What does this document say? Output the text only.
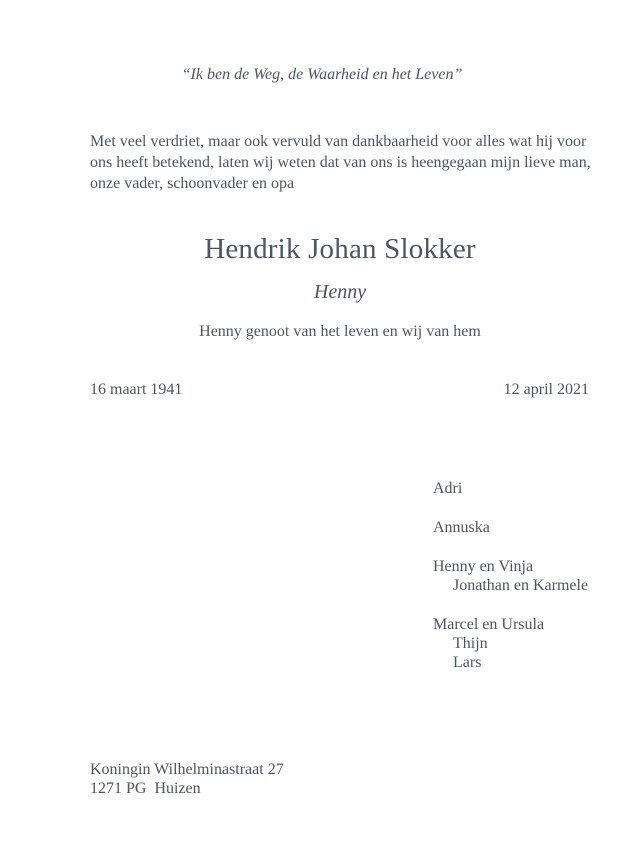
“Ik ben de Weg, de Waarheid en het Leven”
Met veel verdriet, maar ook vervuld van dankbaarheid voor alles wat hij voor
ons heeft betekend, laten wij weten dat van ons is heengegaan mijn lieve man,
onze vader, schoonvader en opa
Hendrik Johan Slokker
Henny
Henny genoot van het leven en wij van hem
16 maart 1941	12 april 2021
Adri
Annuska
Henny en Vinja
Jonathan en Karmele
Marcel en Ursula
Thijn
Lars
Koningin Wilhelminastraat 27
1271 PG  Huizen
